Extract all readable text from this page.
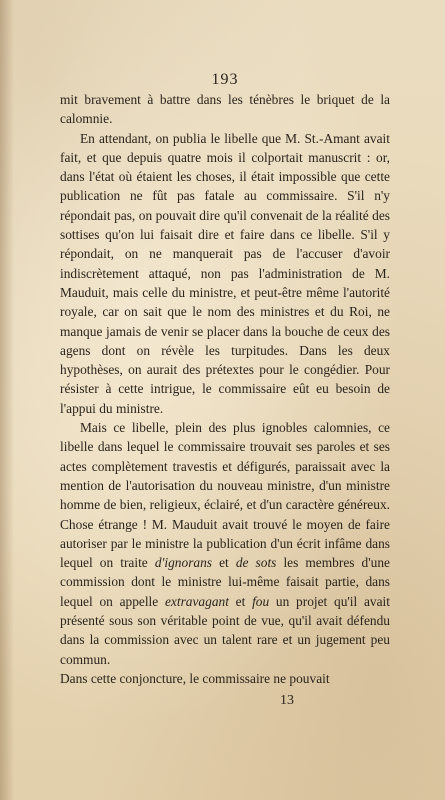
193

mit bravement à battre dans les ténèbres le briquet de la calomnie.

En attendant, on publia le libelle que M. St.-Amant avait fait, et que depuis quatre mois il colportait manuscrit : or, dans l'état où étaient les choses, il était impossible que cette publication ne fût pas fatale au commissaire. S'il n'y répondait pas, on pouvait dire qu'il convenait de la réalité des sottises qu'on lui faisait dire et faire dans ce libelle. S'il y répondait, on ne manquerait pas de l'accuser d'avoir indiscrètement attaqué, non pas l'administration de M. Mauduit, mais celle du ministre, et peut-être même l'autorité royale, car on sait que le nom des ministres et du Roi, ne manque jamais de venir se placer dans la bouche de ceux des agens dont on révèle les turpitudes. Dans les deux hypothèses, on aurait des prétextes pour le congédier. Pour résister à cette intrigue, le commissaire eût eu besoin de l'appui du ministre.

Mais ce libelle, plein des plus ignobles calomnies, ce libelle dans lequel le commissaire trouvait ses paroles et ses actes complètement travestis et défigurés, paraissait avec la mention de l'autorisation du nouveau ministre, d'un ministre homme de bien, religieux, éclairé, et d'un caractère généreux. Chose étrange ! M. Mauduit avait trouvé le moyen de faire autoriser par le ministre la publication d'un écrit infâme dans lequel on traite d'ignorans et de sots les membres d'une commission dont le ministre lui-même faisait partie, dans lequel on appelle extravagant et fou un projet qu'il avait présenté sous son véritable point de vue, qu'il avait défendu dans la commission avec un talent rare et un jugement peu commun.

Dans cette conjoncture, le commissaire ne pouvait

13
